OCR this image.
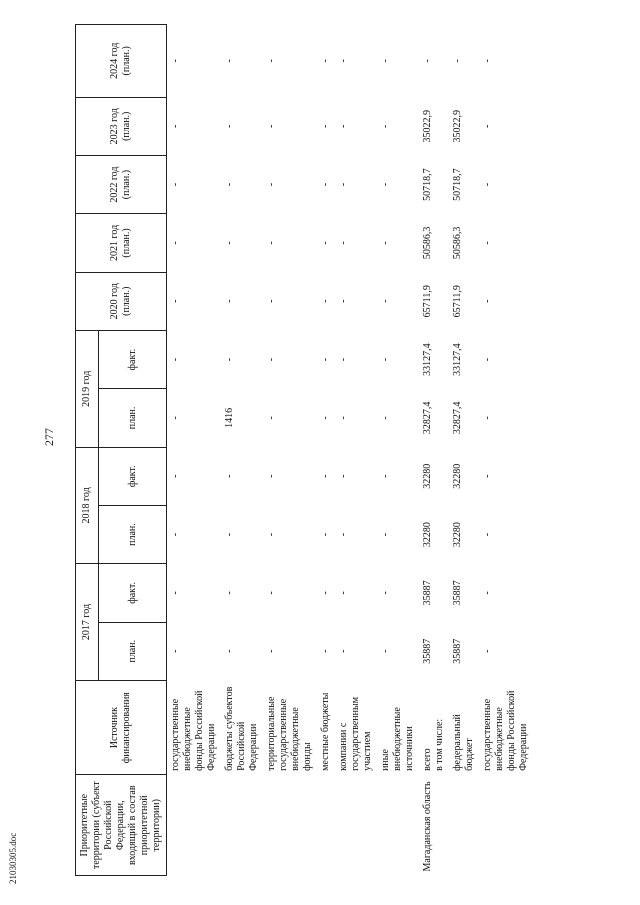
277
21030305.doc
Приоритетные территории (субъект Российской Федерации, входящий в состав приоритетной территории)	Источник финансирования	2017 год		2018 год		2019 год		2020 год (план.)	2021 год (план.)	2022 год (план.)	2023 год (план.)	2024 год (план.)
		план.	факт.	план.	факт.	план.	факт.					
	государственные внебюджетные фонды Российской Федерации	-	-	-	-	-	-	-	-	-	-	-
	бюджеты субъектов Российской Федерации	-	-	-	-	1416	-	-	-	-	-	-
	территориальные государственные внебюджетные фонды	-	-	-	-	-	-	-	-	-	-	-
	местные бюджеты	-	-	-	-	-	-	-	-	-	-	-
	компании с государственным участием	-	-	-	-	-	-	-	-	-	-	-
	иные внебюджетные источники	-	-	-	-	-	-	-	-	-	-	-
Магаданская область	всего
в том числе:	35887	35887	32280	32280	32827,4	33127,4	65711,9	50586,3	50718,7	35022,9	-
	федеральный бюджет	35887	35887	32280	32280	32827,4	33127,4	65711,9	50586,3	50718,7	35022,9	-
	государственные внебюджетные фонды Российской Федерации	-	-	-	-	-	-	-	-	-	-	-
